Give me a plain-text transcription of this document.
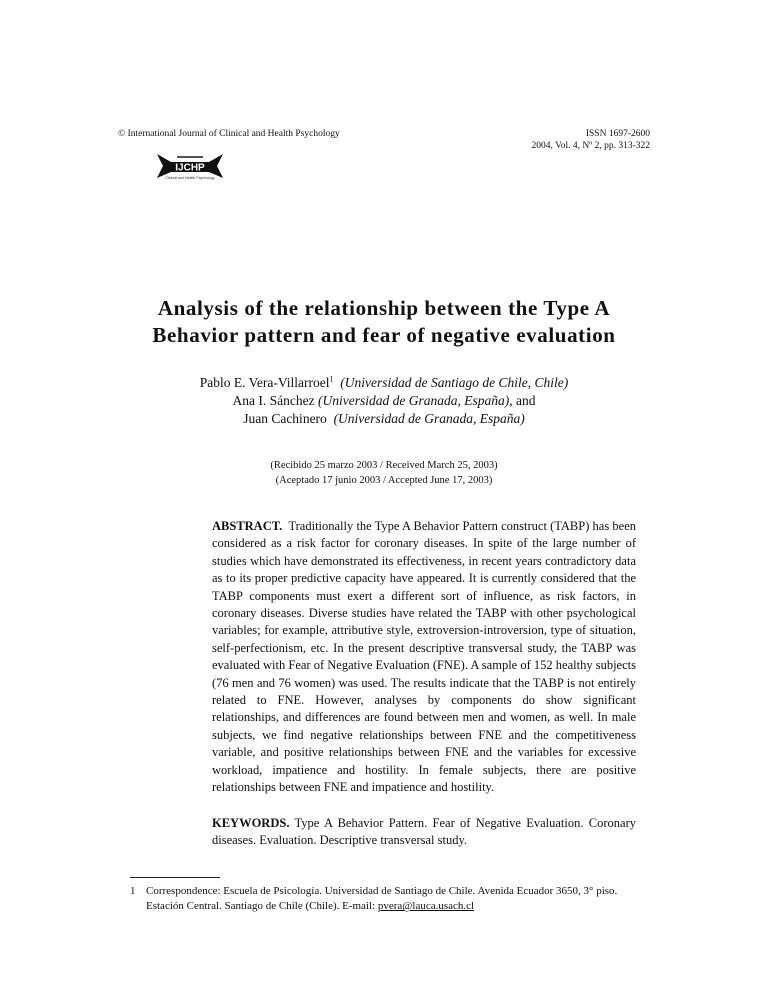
© International Journal of Clinical and Health Psychology	ISSN 1697-2600
2004, Vol. 4, Nº 2, pp. 313-322
IJCHP
Clinical and Health Psychology
Analysis of the relationship between the Type A
Behavior pattern and fear of negative evaluation
Pablo E. Vera-Villarroel$^1$ (Universidad de Santiago de Chile, Chile)
Ana I. Sánchez (Universidad de Granada, España), and
Juan Cachinero (Universidad de Granada, España)
(Recibido 25 marzo 2003 / Received March 25, 2003)
(Aceptado 17 junio 2003 / Accepted June 17, 2003)
ABSTRACT. Traditionally the Type A Behavior Pattern construct (TABP) has been considered as a risk factor for coronary diseases. In spite of the large number of studies which have demonstrated its effectiveness, in recent years contradictory data as to its proper predictive capacity have appeared. It is currently considered that the TABP components must exert a different sort of influence, as risk factors, in coronary diseases. Diverse studies have related the TABP with other psychological variables; for example, attributive style, extroversion-introversion, type of situation, self-perfectionism, etc. In the present descriptive transversal study, the TABP was evaluated with Fear of Negative Evaluation (FNE). A sample of 152 healthy subjects (76 men and 76 women) was used. The results indicate that the TABP is not entirely related to FNE. However, analyses by components do show significant relationships, and differences are found between men and women, as well. In male subjects, we find negative relationships between FNE and the competitiveness variable, and positive relationships between FNE and the variables for excessive workload, impatience and hostility. In female subjects, there are positive relationships between FNE and impatience and hostility.
KEYWORDS. Type A Behavior Pattern. Fear of Negative Evaluation. Coronary diseases. Evaluation. Descriptive transversal study.
1 Correspondence: Escuela de Psicología. Universidad de Santiago de Chile. Avenida Ecuador 3650, 3° piso. Estación Central. Santiago de Chile (Chile). E-mail: pvera@lauca.usach.cl
